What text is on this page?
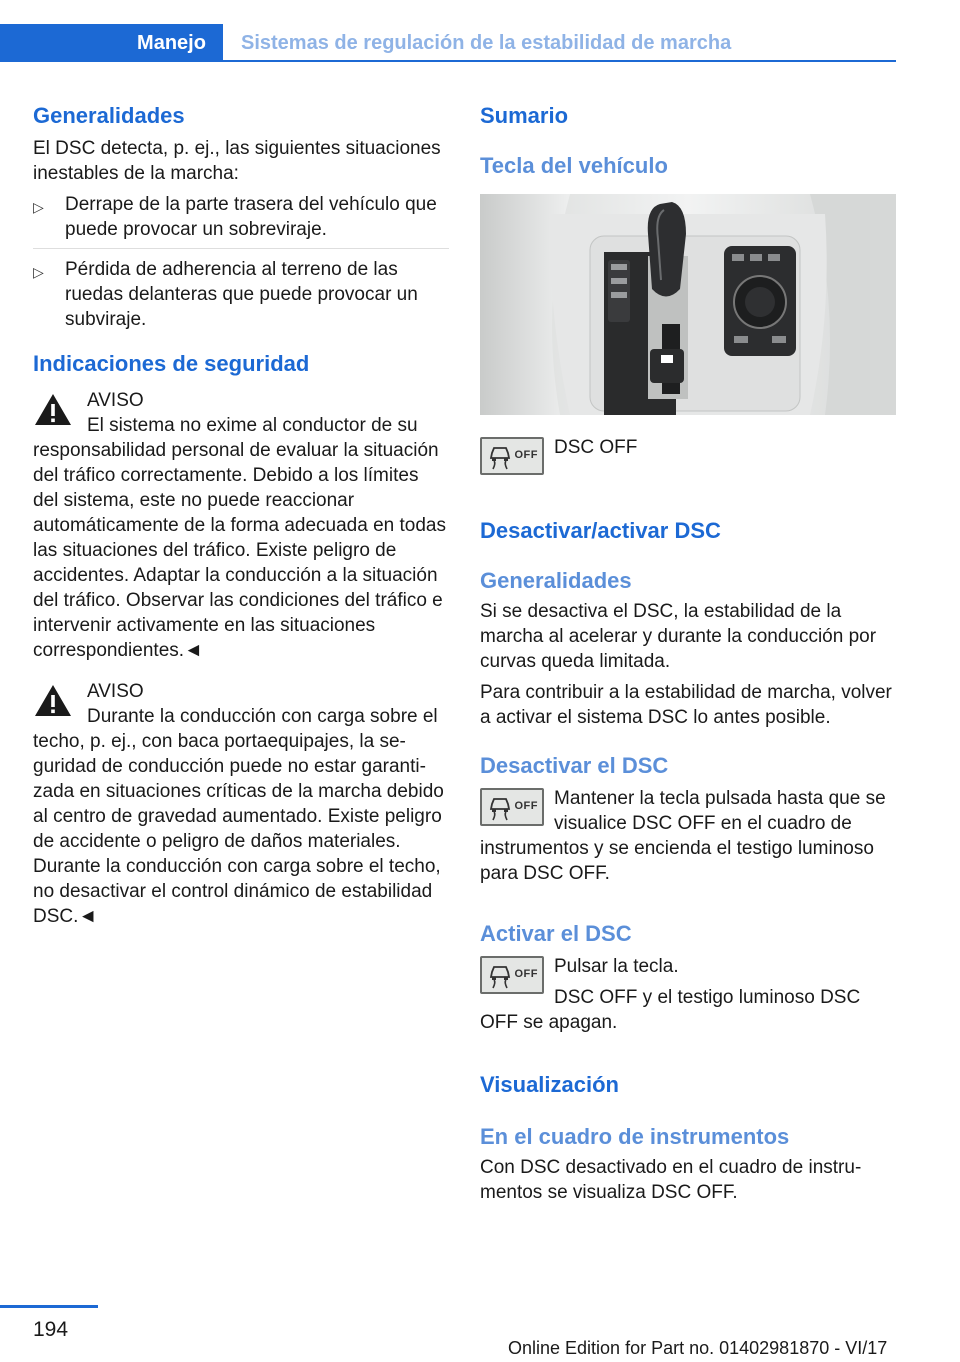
Manejo	Sistemas de regulación de la estabilidad de marcha
Generalidades

El DSC detecta, p. ej., las siguientes situaciones inestables de la marcha:

▷ Derrape de la parte trasera del vehículo que puede provocar un sobreviraje.
▷ Pérdida de adherencia al terreno de las ruedas delanteras que puede provocar un subviraje.
Indicaciones de seguridad

AVISO

El sistema no exime al conductor de su responsabilidad personal de evaluar la situación del tráfico correctamente. Debido a los límites del sistema, este no puede reaccionar automáticamente de la forma adecuada en todas las situaciones del tráfico. Existe peligro de accidentes. Adaptar la conducción a la situación del tráfico. Observar las condiciones del tráfico e intervenir activamente en las situaciones correspondientes.◄

AVISO

Durante la conducción con carga sobre el techo, p. ej., con baca portaequipajes, la seguridad de conducción puede no estar garantizada en situaciones críticas de la marcha debido al centro de gravedad aumentado. Existe peligro de accidente o peligro de daños materiales. Durante la conducción con carga sobre el techo, no desactivar el control dinámico de estabilidad DSC.◄

Sumario
Tecla del vehículo
OFF DSC OFF

Desactivar/activar DSC
Generalidades

Si se desactiva el DSC, la estabilidad de la marcha al acelerar y durante la conducción por curvas queda limitada.

Para contribuir a la estabilidad de marcha, volver a activar el sistema DSC lo antes posible.

Desactivar el DSC
OFF Mantener la tecla pulsada hasta que se visualice DSC OFF en el cuadro de instrumentos y se encienda el testigo luminoso para DSC OFF.

Activar el DSC
OFF Pulsar la tecla.

DSC OFF y el testigo luminoso DSC OFF se apagan.

Visualización
En el cuadro de instrumentos

Con DSC desactivado en el cuadro de instrumentos se visualiza DSC OFF.

194
Online Edition for Part no. 01402981870 - VI/17
